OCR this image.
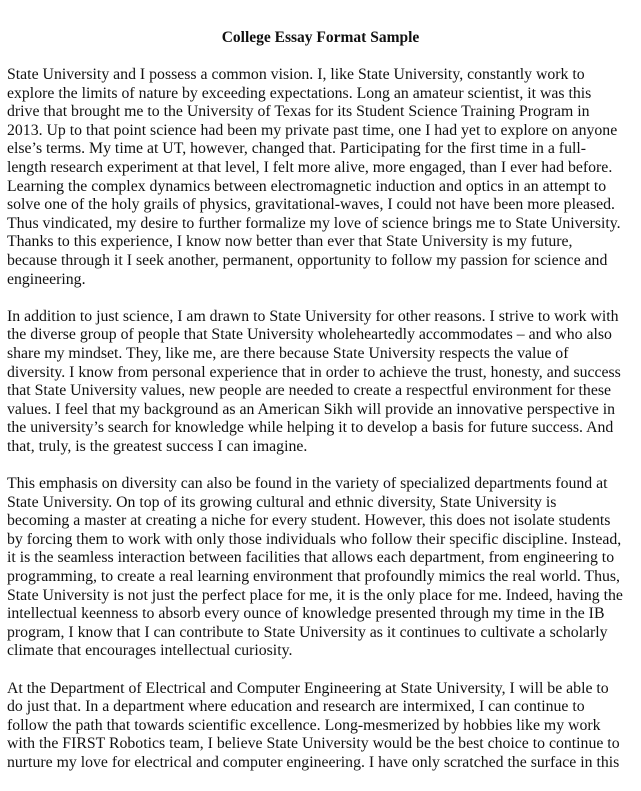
College Essay Format Sample

State University and I possess a common vision. I, like State University, constantly work to
explore the limits of nature by exceeding expectations. Long an amateur scientist, it was this
drive that brought me to the University of Texas for its Student Science Training Program in
2013. Up to that point science had been my private past time, one I had yet to explore on anyone
else’s terms. My time at UT, however, changed that. Participating for the first time in a full-
length research experiment at that level, I felt more alive, more engaged, than I ever had before.
Learning the complex dynamics between electromagnetic induction and optics in an attempt to
solve one of the holy grails of physics, gravitational-waves, I could not have been more pleased.
Thus vindicated, my desire to further formalize my love of science brings me to State University.
Thanks to this experience, I know now better than ever that State University is my future,
because through it I seek another, permanent, opportunity to follow my passion for science and
engineering.

In addition to just science, I am drawn to State University for other reasons. I strive to work with
the diverse group of people that State University wholeheartedly accommodates – and who also
share my mindset. They, like me, are there because State University respects the value of
diversity. I know from personal experience that in order to achieve the trust, honesty, and success
that State University values, new people are needed to create a respectful environment for these
values. I feel that my background as an American Sikh will provide an innovative perspective in
the university’s search for knowledge while helping it to develop a basis for future success. And
that, truly, is the greatest success I can imagine.

This emphasis on diversity can also be found in the variety of specialized departments found at
State University. On top of its growing cultural and ethnic diversity, State University is
becoming a master at creating a niche for every student. However, this does not isolate students
by forcing them to work with only those individuals who follow their specific discipline. Instead,
it is the seamless interaction between facilities that allows each department, from engineering to
programming, to create a real learning environment that profoundly mimics the real world. Thus,
State University is not just the perfect place for me, it is the only place for me. Indeed, having the
intellectual keenness to absorb every ounce of knowledge presented through my time in the IB
program, I know that I can contribute to State University as it continues to cultivate a scholarly
climate that encourages intellectual curiosity.

At the Department of Electrical and Computer Engineering at State University, I will be able to
do just that. In a department where education and research are intermixed, I can continue to
follow the path that towards scientific excellence. Long-mesmerized by hobbies like my work
with the FIRST Robotics team, I believe State University would be the best choice to continue to
nurture my love for electrical and computer engineering. I have only scratched the surface in this
